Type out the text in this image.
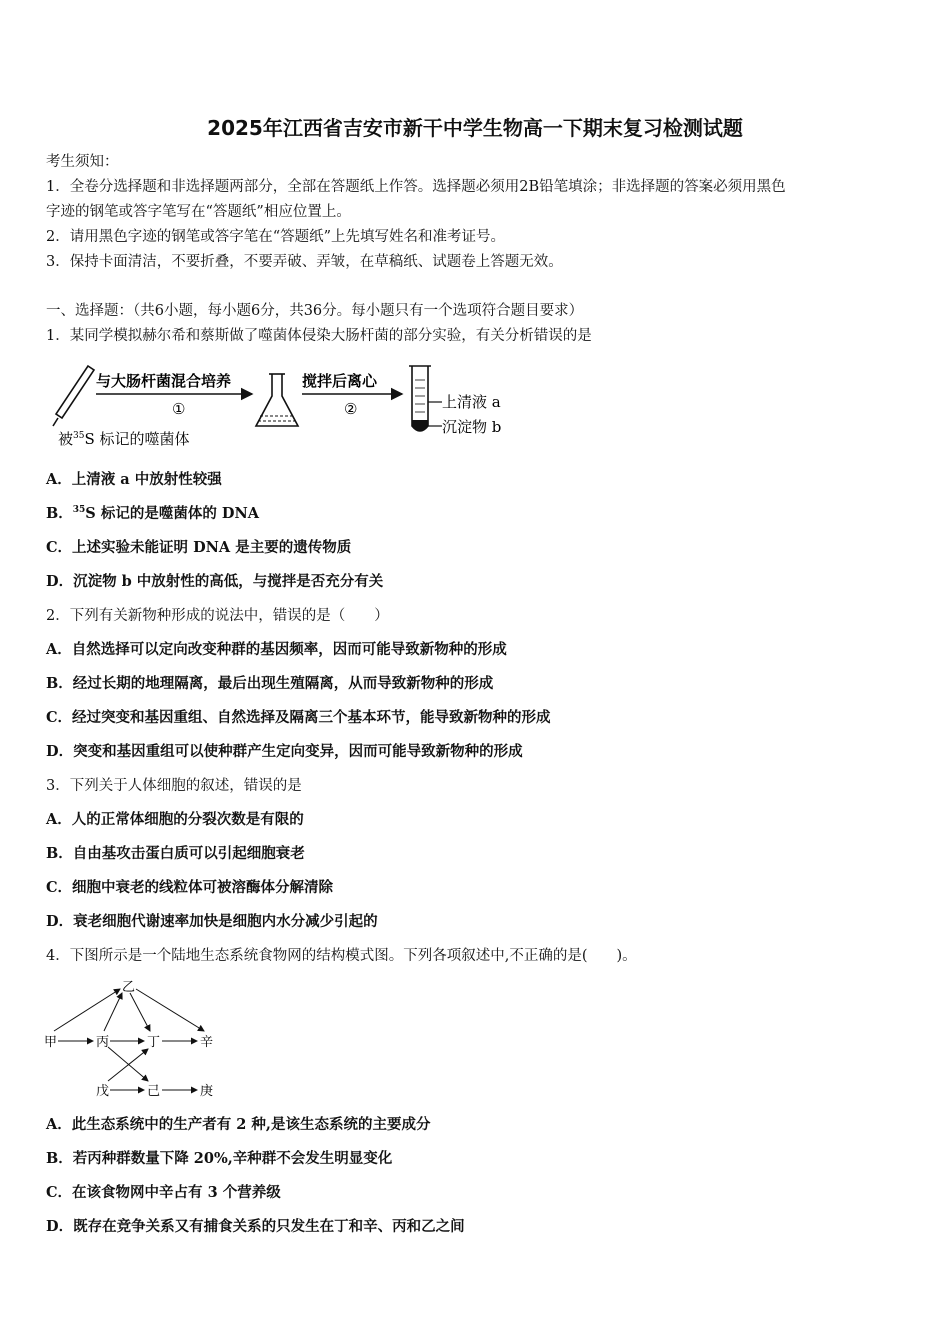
2025年江西省吉安市新干中学生物高一下期末复习检测试题
考生须知：
1．全卷分选择题和非选择题两部分，全部在答题纸上作答。选择题必须用2B铅笔填涂；非选择题的答案必须用黑色
字迹的钢笔或答字笔写在“答题纸”相应位置上。
2．请用黑色字迹的钢笔或答字笔在“答题纸”上先填写姓名和准考证号。
3．保持卡面清洁，不要折叠，不要弄破、弄皱，在草稿纸、试题卷上答题无效。
一、选择题：（共6小题，每小题6分，共36分。每小题只有一个选项符合题目要求）
1．某同学模拟赫尔希和蔡斯做了噬菌体侵染大肠杆菌的部分实验，有关分析错误的是
与大肠杆菌混合培养
①
搅拌后离心
②	上清液 a
沉淀物 b
被$^{35}$S 标记的噬菌体
A．上清液 a 中放射性较强
B．$^{35}$S 标记的是噬菌体的 DNA
C．上述实验未能证明 DNA 是主要的遗传物质
D．沉淀物 b 中放射性的高低，与搅拌是否充分有关
2．下列有关新物种形成的说法中，错误的是（　　）
A．自然选择可以定向改变种群的基因频率，因而可能导致新物种的形成
B．经过长期的地理隔离，最后出现生殖隔离，从而导致新物种的形成
C．经过突变和基因重组、自然选择及隔离三个基本环节，能导致新物种的形成
D．突变和基因重组可以使种群产生定向变异，因而可能导致新物种的形成
3．下列关于人体细胞的叙述，错误的是
A．人的正常体细胞的分裂次数是有限的
B．自由基攻击蛋白质可以引起细胞衰老
C．细胞中衰老的线粒体可被溶酶体分解清除
D．衰老细胞代谢速率加快是细胞内水分减少引起的
4．下图所示是一个陆地生态系统食物网的结构模式图。下列各项叙述中,不正确的是(　　)。
甲
乙
丙	丁	辛
戊	己	庚
A．此生态系统中的生产者有 2 种,是该生态系统的主要成分
B．若丙种群数量下降 20%,辛种群不会发生明显变化
C．在该食物网中辛占有 3 个营养级
D．既存在竞争关系又有捕食关系的只发生在丁和辛、丙和乙之间
